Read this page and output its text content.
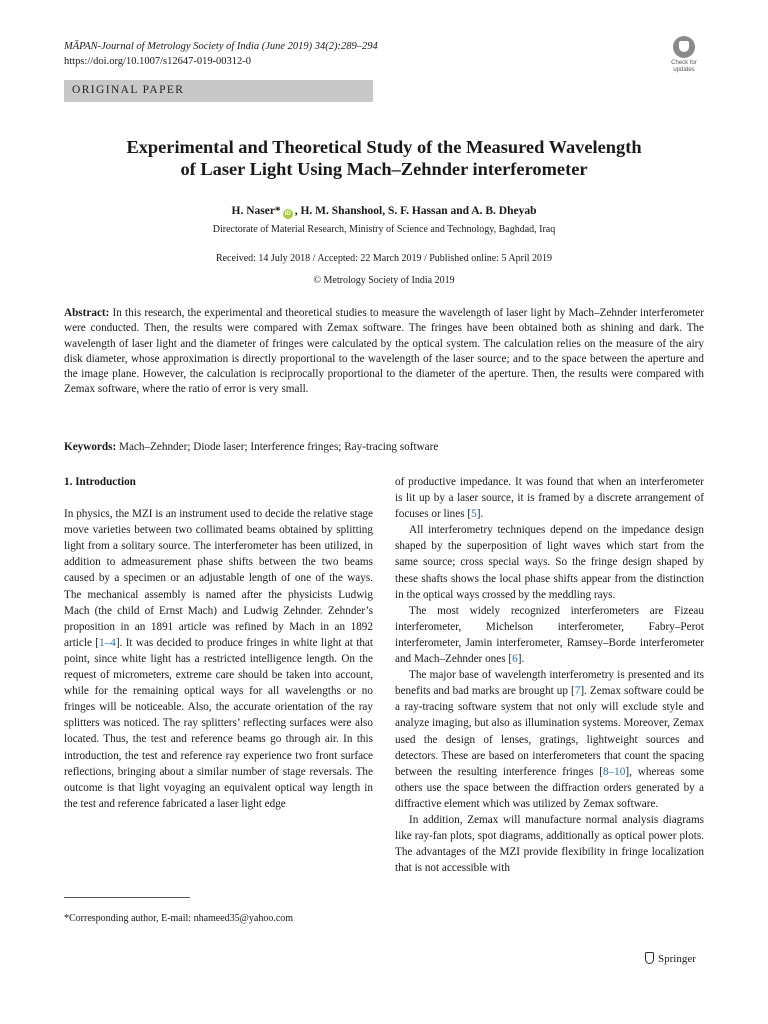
MĀPAN-Journal of Metrology Society of India (June 2019) 34(2):289–294
https://doi.org/10.1007/s12647-019-00312-0	Check for updates
ORIGINAL PAPER
Experimental and Theoretical Study of the Measured Wavelength
of Laser Light Using Mach–Zehnder interferometer
H. Naser* iD , H. M. Shanshool, S. F. Hassan and A. B. Dheyab
Directorate of Material Research, Ministry of Science and Technology, Baghdad, Iraq
Received: 14 July 2018 / Accepted: 22 March 2019 / Published online: 5 April 2019
© Metrology Society of India 2019
Abstract: In this research, the experimental and theoretical studies to measure the wavelength of laser light by Mach–Zehnder interferometer were conducted. Then, the results were compared with Zemax software. The fringes have been obtained both as shining and dark. The wavelength of laser light and the diameter of fringes were calculated by the optical system. The calculation relies on the measure of the airy disk diameter, whose approximation is directly proportional to the wavelength of the laser source; and to the space between the aperture and the image plane. However, the calculation is reciprocally proportional to the diameter of the aperture. Then, the results were compared with Zemax software, where the ratio of error is very small.
Keywords: Mach–Zehnder; Diode laser; Interference fringes; Ray-tracing software
1. Introduction

In physics, the MZI is an instrument used to decide the relative stage move varieties between two collimated beams obtained by splitting light from a solitary source. The interferometer has been utilized, in addition to admeasurement phase shifts between the two beams caused by a specimen or an adjustable length of one of the ways. The mechanical assembly is named after the physicists Ludwig Mach (the child of Ernst Mach) and Ludwig Zehnder. Zehnder’s proposition in an 1891 article was refined by Mach in an 1892 article [1–4]. It was decided to produce fringes in white light at that point, since white light has a restricted intelligence length. On the request of micrometers, extreme care should be taken into account, while for the remaining optical ways for all wavelengths or no fringes will be noticeable. Also, the accurate orientation of the ray splitters was noticed. The ray splitters’ reflecting surfaces were also located. Thus, the test and reference beams go through air. In this introduction, the test and reference ray experience two front surface reflections, bringing about a similar number of stage reversals. The outcome is that light voyaging an equivalent optical way length in the test and reference fabricated a laser light edge

of productive impedance. It was found that when an interferometer is lit up by a laser source, it is framed by a discrete arrangement of focuses or lines [5].

All interferometry techniques depend on the impedance design shaped by the superposition of light waves which start from the same source; cross special ways. So the fringe design shaped by these shafts shows the local phase shifts appear from the distinction in the optical ways crossed by the meddling rays.

The most widely recognized interferometers are Fizeau interferometer, Michelson interferometer, Fabry–Perot interferometer, Jamin interferometer, Ramsey–Borde interferometer and Mach–Zehnder ones [6].

The major base of wavelength interferometry is presented and its benefits and bad marks are brought up [7]. Zemax software could be a ray-tracing software system that not only will exclude style and analyze imaging, but also as illumination systems. Moreover, Zemax used the design of lenses, gratings, lightweight sources and detectors. These are based on interferometers that count the spacing between the resulting interference fringes [8–10], whereas some others use the space between the diffraction orders generated by a diffractive element which was utilized by Zemax software.

In addition, Zemax will manufacture normal analysis diagrams like ray-fan plots, spot diagrams, additionally as optical power plots. The advantages of the MZI provide flexibility in fringe localization that is not accessible with

*Corresponding author, E-mail: nhameed35@yahoo.com
Springer
